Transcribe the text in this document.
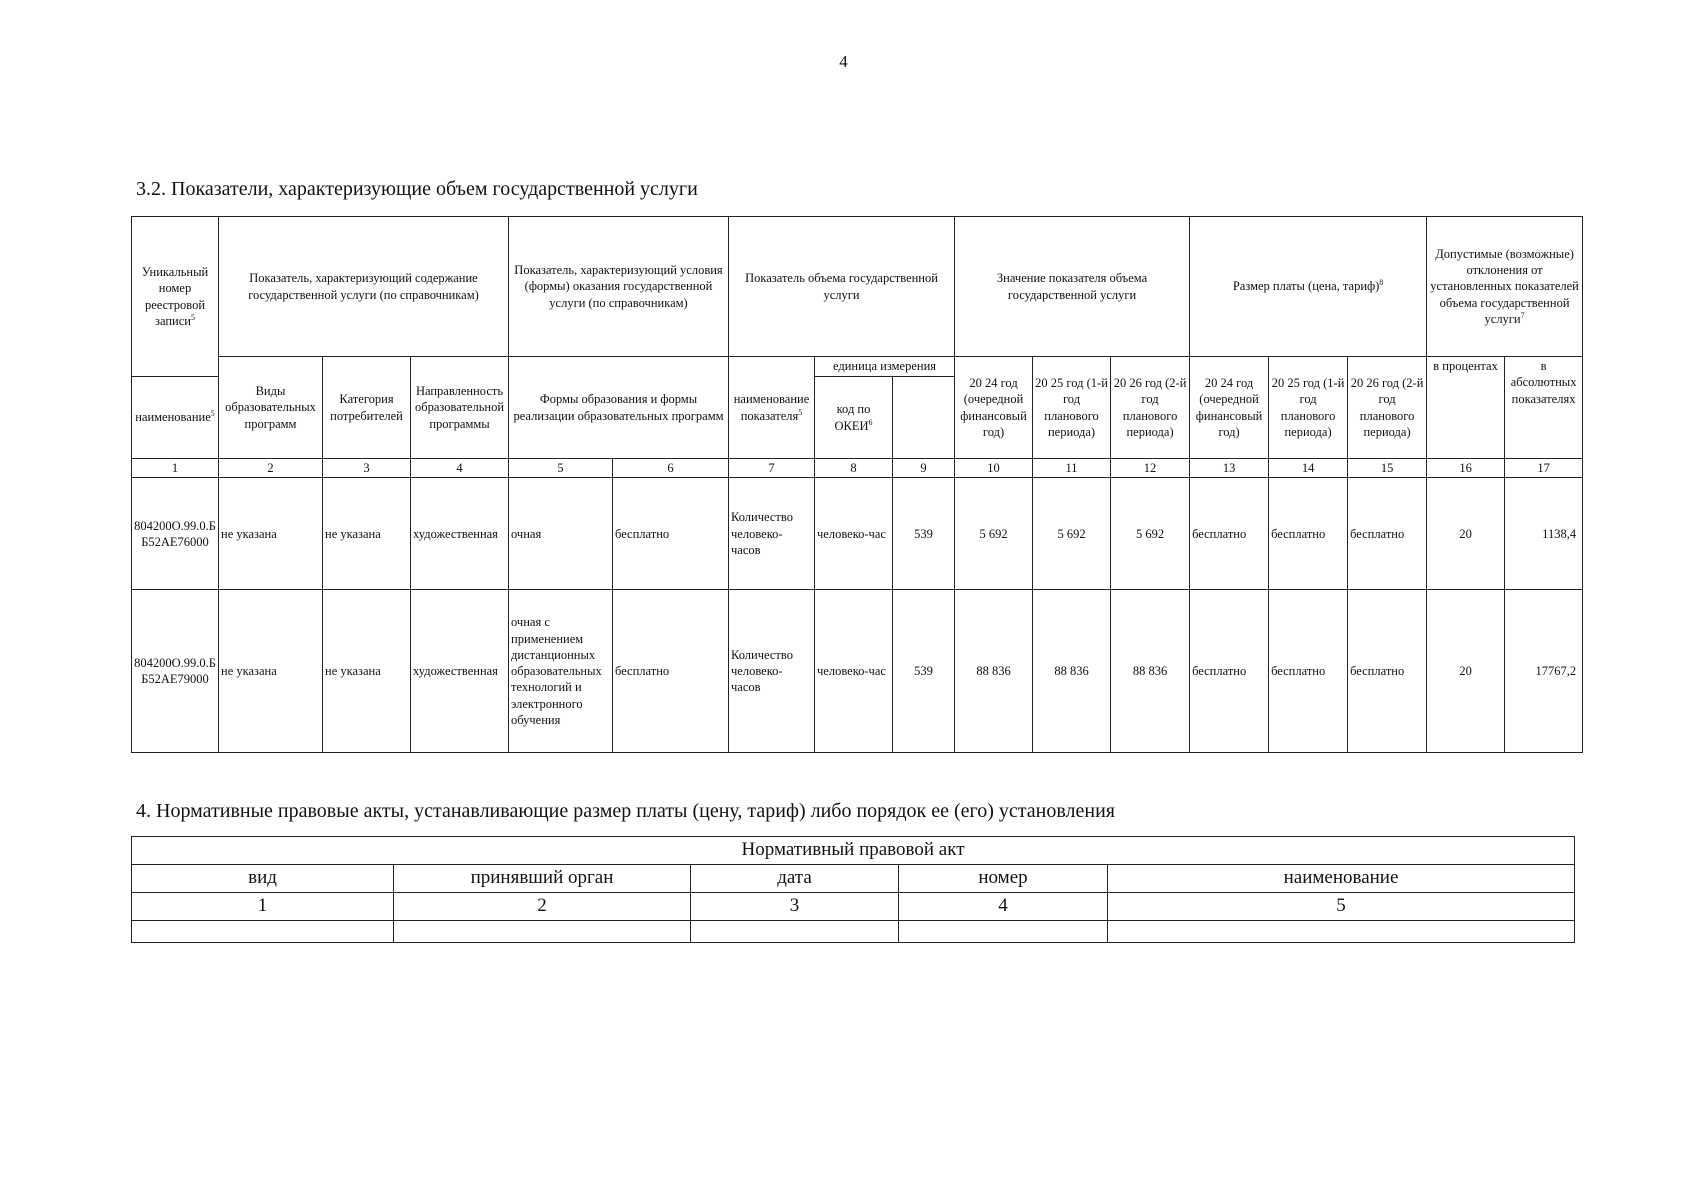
4
3.2. Показатели, характеризующие объем государственной услуги
Уникальный номер реестровой записи$^5$	Показатель, характеризующий содержание государственной услуги (по справочникам)			Показатель, характеризующий условия (формы) оказания государственной услуги (по справочникам)		Показатель объема государственной услуги			Значение показателя объема государственной услуги			Размер платы (цена, тариф)$^8$			Допустимые (возможные) отклонения от установленных показателей объема государственной услуги$^7$
	Виды образовательных программ	Категория потребителей	Направленность образовательной программы	Формы образования и формы реализации образовательных программ		наименование показателя$^5$	единица измерения		20 24 год (очередной финансовый год)	20 25 год (1-й год планового периода)	20 26 год (2-й год планового периода)	20 24 год (очередной финансовый год)	20 25 год (1-й год планового периода)	20 26 год (2-й год планового периода)	в процентах	в абсолютных показателях
наименование$^5$							код по ОКЕИ$^6$
1	2	3	4	5	6	7	8	9	10	11	12	13	14	15	16	17
804200О.99.0.ББ52АЕ76000	не указана	не указана	художественная	очная	бесплатно	Количество человеко-часов	человеко-час	539	5 692	5 692	5 692	бесплатно	бесплатно	бесплатно	20	1138,4
804200О.99.0.ББ52АЕ79000	не указана	не указана	художественная	очная с применением дистанционных образовательных технологий и электронного обучения	бесплатно	Количество человеко-часов	человеко-час	539	88 836	88 836	88 836	бесплатно	бесплатно	бесплатно	20	17767,2
4. Нормативные правовые акты, устанавливающие размер платы (цену, тариф) либо порядок ее (его) установления
Нормативный правовой акт				
вид	принявший орган	дата	номер	наименование
1	2	3	4	5
